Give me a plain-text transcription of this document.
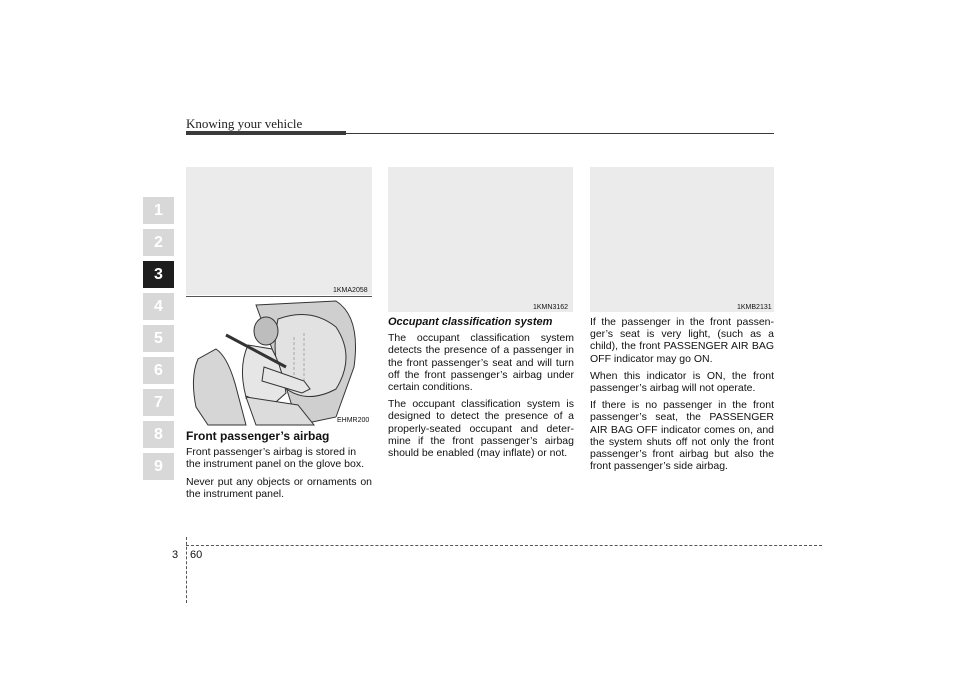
Knowing your vehicle
1
2
3
4
5
6
7
8
9
1KMA2058
EHMR200
1KMN3162	1KMB2131
Front passenger’s airbag

Front passenger’s airbag is stored in the instrument panel on the glove box.

Never put any objects or ornaments on the instrument panel.

Occupant classification system

The occupant classification system detects the presence of a passenger in the front passenger’s seat and will turn off the front passenger’s airbag under certain conditions.

The occupant classification system is designed to detect the presence of a properly-seated occupant and deter-mine if the front passenger’s airbag should be enabled (may inflate) or not.

If the passenger in the front passen-ger’s seat is very light, (such as a child), the front PASSENGER AIR BAG OFF indicator may go ON.

When this indicator is ON, the front passenger’s airbag will not operate.

If there is no passenger in the front passenger’s seat, the PASSENGER AIR BAG OFF indicator comes on, and the system shuts off not only the front passenger’s front airbag but also the front passenger’s side airbag.

3 60
